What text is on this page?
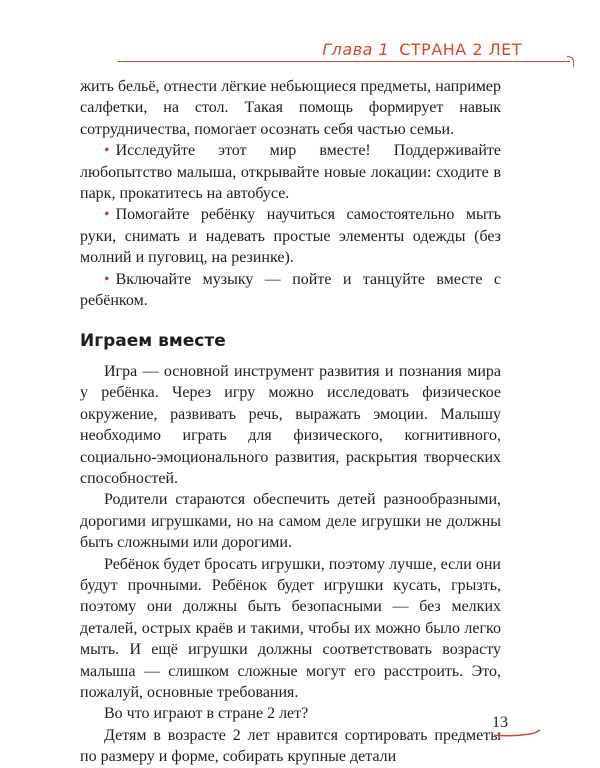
Глава 1 СТРАНА 2 ЛЕТ

жить бельё, отнести лёгкие небьющиеся предметы, например салфетки, на стол. Такая помощь формирует навык сотрудничества, помогает осознать себя частью семьи.

• Исследуйте этот мир вместе! Поддерживайте любопытство малыша, открывайте новые локации: сходите в парк, прокатитесь на автобусе.

• Помогайте ребёнку научиться самостоятельно мыть руки, снимать и надевать простые элементы одежды (без молний и пуговиц, на резинке).

• Включайте музыку — пойте и танцуйте вместе с ребёнком.

Играем вместе

Игра — основной инструмент развития и познания мира у ребёнка. Через игру можно исследовать физическое окружение, развивать речь, выражать эмоции. Малышу необходимо играть для физического, когнитивного, социально-эмоционального развития, раскрытия творческих способностей.

Родители стараются обеспечить детей разнообразными, дорогими игрушками, но на самом деле игрушки не должны быть сложными или дорогими.

Ребёнок будет бросать игрушки, поэтому лучше, если они будут прочными. Ребёнок будет игрушки кусать, грызть, поэтому они должны быть безопасными — без мелких деталей, острых краёв и такими, чтобы их можно было легко мыть. И ещё игрушки должны соответствовать возрасту малыша — слишком сложные могут его расстроить. Это, пожалуй, основные требования.

Во что играют в стране 2 лет?

Детям в возрасте 2 лет нравится сортировать предметы по размеру и форме, собирать крупные детали

13
